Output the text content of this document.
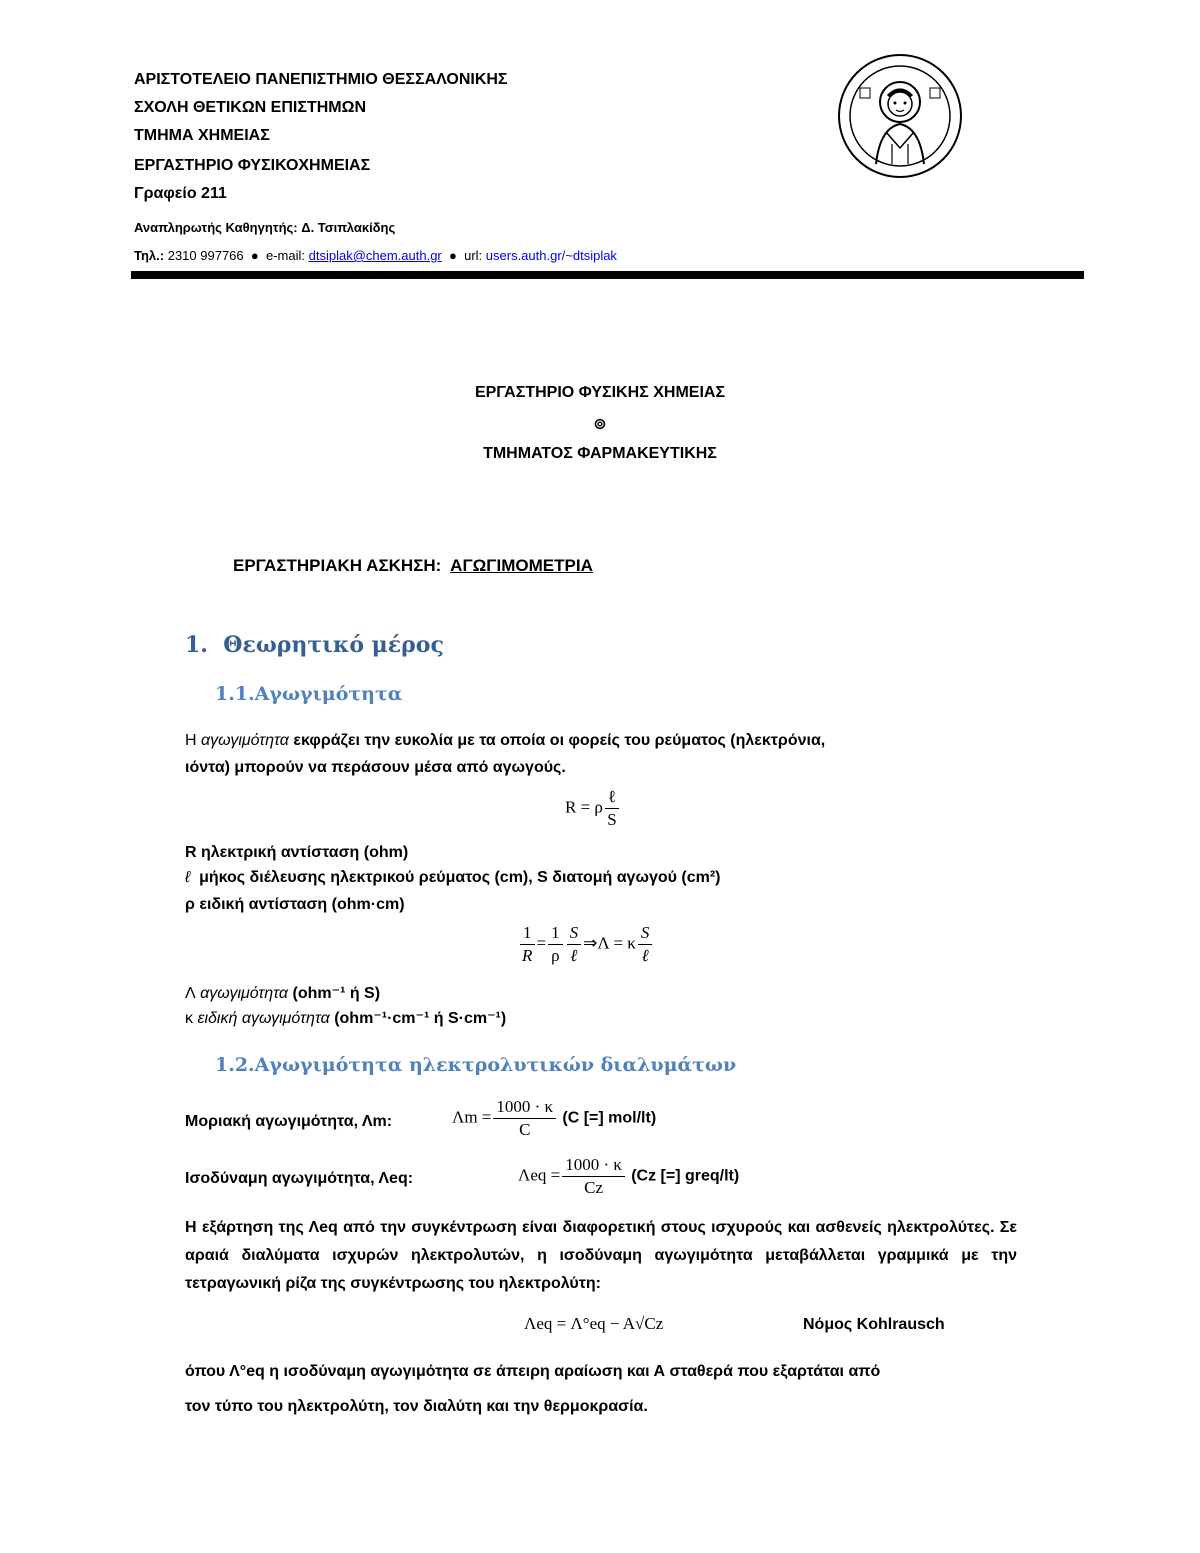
ΑΡΙΣΤΟΤΕΛΕΙΟ ΠΑΝΕΠΙΣΤΗΜΙΟ ΘΕΣΣΑΛΟΝΙΚΗΣ
ΣΧΟΛΗ ΘΕΤΙΚΩΝ ΕΠΙΣΤΗΜΩΝ
ΤΜΗΜΑ ΧΗΜΕΙΑΣ
ΕΡΓΑΣΤΗΡΙΟ ΦΥΣΙΚΟΧΗΜΕΙΑΣ
Γραφείο 211
Αναπληρωτής Καθηγητής: Δ. Τσιπλακίδης
Τηλ.: 2310 997766 ● e-mail: dtsiplak@chem.auth.gr ● url: users.auth.gr/~dtsiplak
ΕΡΓΑΣΤΗΡΙΟ ΦΥΣΙΚΗΣ ΧΗΜΕΙΑΣ
⊚
ΤΜΗΜΑΤΟΣ ΦΑΡΜΑΚΕΥΤΙΚΗΣ
ΕΡΓΑΣΤΗΡΙΑΚΗ ΑΣΚΗΣΗ: ΑΓΩΓΙΜΟΜΕΤΡΙΑ
1. Θεωρητικό μέρος
1.1.Αγωγιμότητα
Η αγωγιμότητα εκφράζει την ευκολία με τα οποία οι φορείς του ρεύματος (ηλεκτρόνια,
ιόντα) μπορούν να περάσουν μέσα από αγωγούς.
R = ρ $\frac{\text{ℓ}}{S}$
R ηλεκτρική αντίσταση (ohm)
ℓ μήκος διέλευσης ηλεκτρικού ρεύματος (cm), S διατομή αγωγού (cm²)
ρ ειδική αντίσταση (ohm·cm)
$\frac{1}{R} = \frac{1}{\rho} \frac{S}{\text{ℓ}}$ ⇒Λ = κ $\frac{S}{\text{ℓ}}$
Λ αγωγιμότητα (ohm⁻¹ ή S)
κ ειδική αγωγιμότητα (ohm⁻¹·cm⁻¹ ή S·cm⁻¹)
1.2.Αγωγιμότητα ηλεκτρολυτικών διαλυμάτων
Μοριακή αγωγιμότητα, Λm:	$\Lambda m = \frac{1000 \cdot \kappa}{C} (C$ [=] mol/lt)
Ισοδύναμη αγωγιμότητα, Λeq:	$\Lambda eq = \frac{1000 \cdot \kappa}{Cz} (Cz$ [=] greq/lt)
Η εξάρτηση της Λeq από την συγκέντρωση είναι διαφορετική στους ισχυρούς και ασθενείς ηλεκτρολύτες. Σε αραιά διαλύματα ισχυρών ηλεκτρολυτών, η ισοδύναμη αγωγιμότητα μεταβάλλεται γραμμικά με την τετραγωνική ρίζα της συγκέντρωσης του ηλεκτρολύτη:
Λeq = Λ°eq − A√Cz	Νόμος Kohlrausch
όπου Λ°eq η ισοδύναμη αγωγιμότητα σε άπειρη αραίωση και Α σταθερά που εξαρτάται από
τον τύπο του ηλεκτρολύτη, τον διαλύτη και την θερμοκρασία.
